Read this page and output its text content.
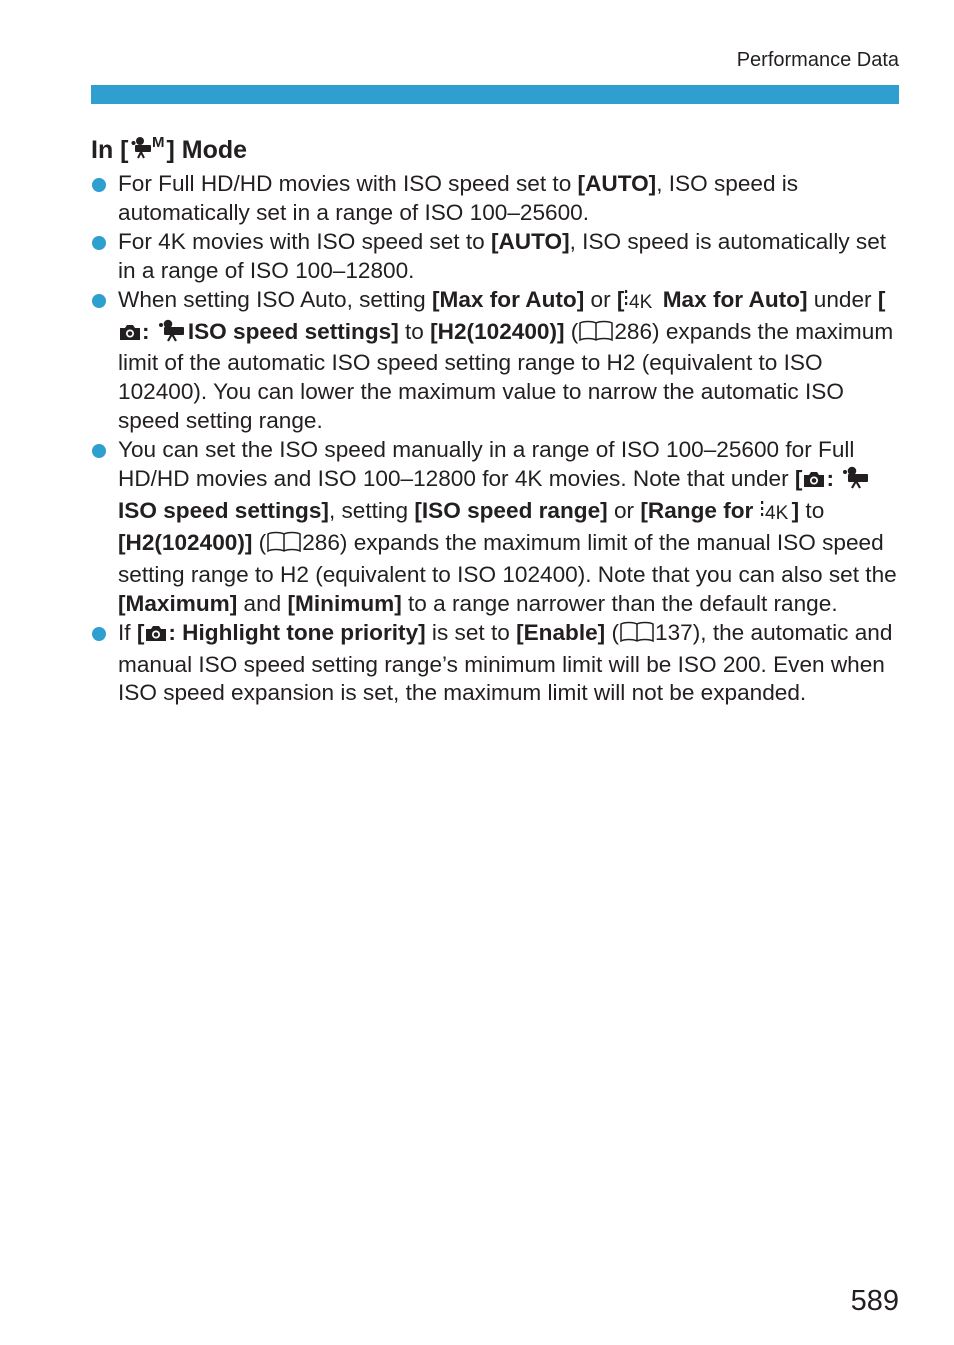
Performance Data
In [ M ] Mode
For Full HD/HD movies with ISO speed set to [AUTO], ISO speed is automatically set in a range of ISO 100–25600.
For 4K movies with ISO speed set to [AUTO], ISO speed is automatically set in a range of ISO 100–12800.
When setting ISO Auto, setting [Max for Auto] or [ 4K Max for Auto] under [: ISO speed settings] to [H2(102400)] ( 286) expands the maximum limit of the automatic ISO speed setting range to H2 (equivalent to ISO 102400). You can lower the maximum value to narrow the automatic ISO speed setting range.
You can set the ISO speed manually in a range of ISO 100–25600 for Full HD/HD movies and ISO 100–12800 for 4K movies. Note that under [ : ISO speed settings], setting [ISO speed range] or [Range for 4K ] to [H2(102400)] ( 286) expands the maximum limit of the manual ISO speed setting range to H2 (equivalent to ISO 102400). Note that you can also set the [Maximum] and [Minimum] to a range narrower than the default range.
If [ : Highlight tone priority] is set to [Enable] ( 137), the automatic and manual ISO speed setting range’s minimum limit will be ISO 200. Even when ISO speed expansion is set, the maximum limit will not be expanded.
589
